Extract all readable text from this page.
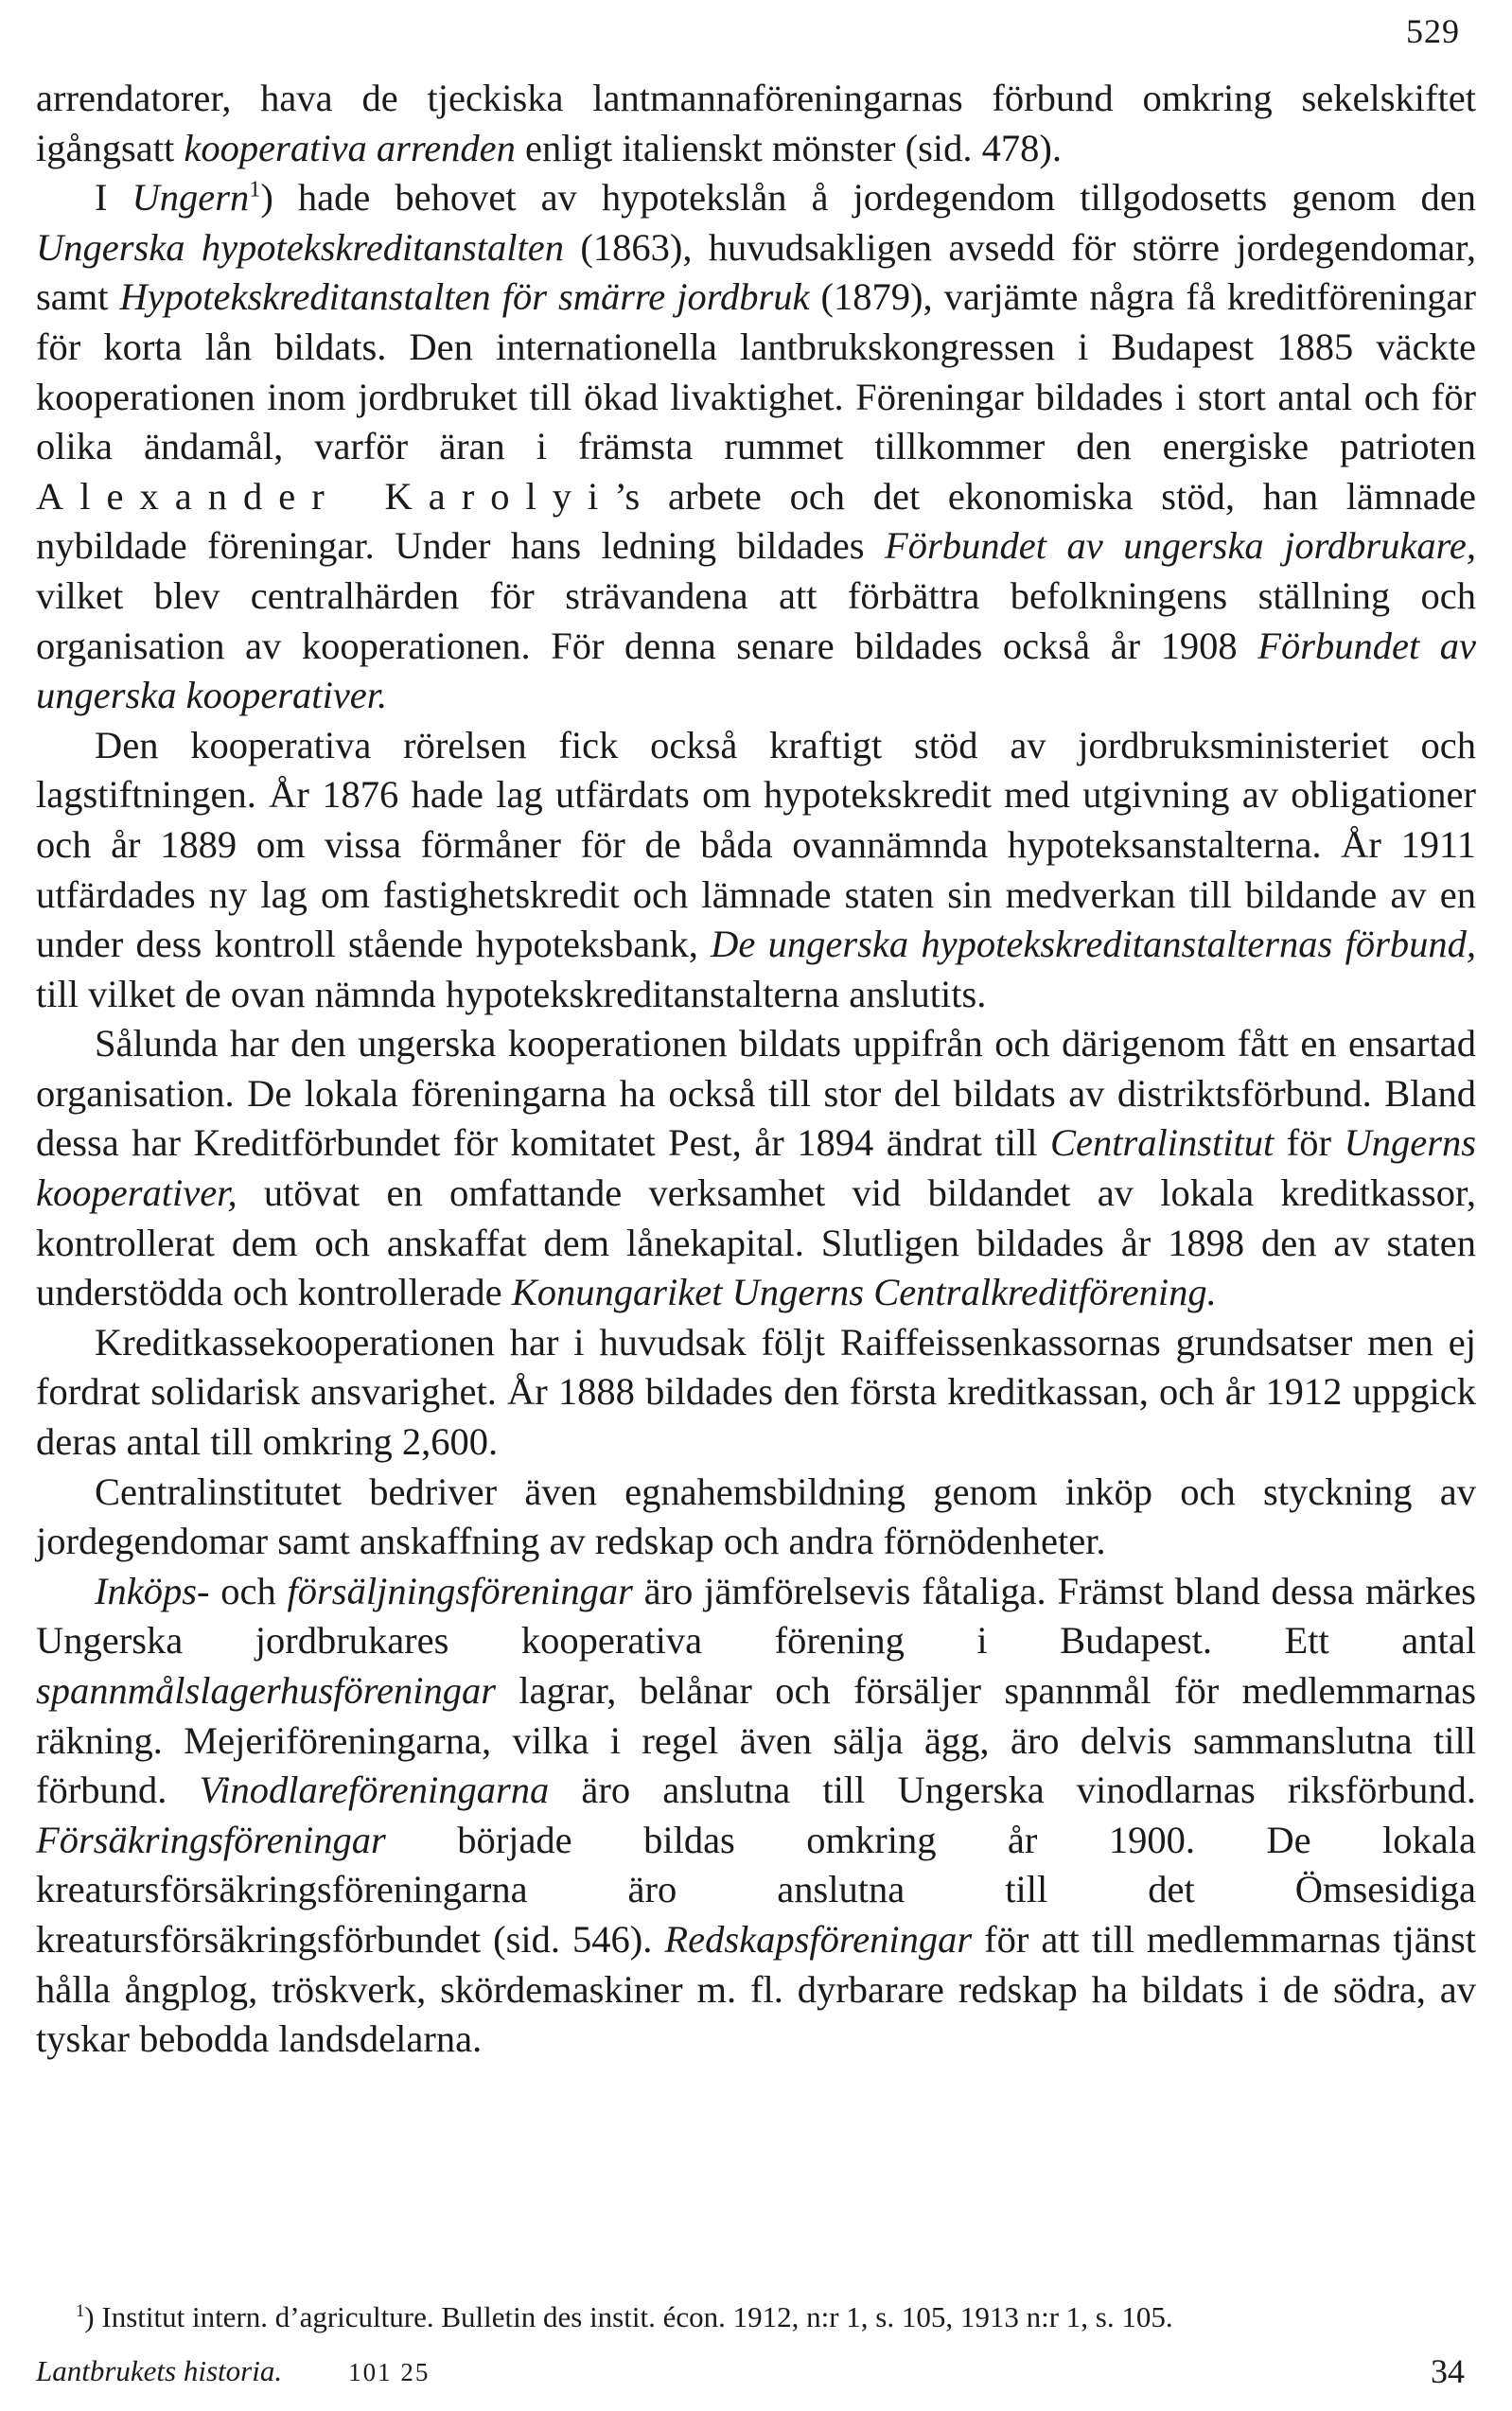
529

arrendatorer, hava de tjeckiska lantmannaföreningarnas förbund omkring sekelskiftet igångsatt kooperativa arrenden enligt italienskt mönster (sid. 478).

I Ungern$^1$) hade behovet av hypotekslån å jordegendom tillgodosetts genom den Ungerska hypotekskreditanstalten (1863), huvudsakligen avsedd för större jordegendomar, samt Hypotekskreditanstalten för smärre jordbruk (1879), varjämte några få kreditföreningar för korta lån bildats. Den internationella lantbrukskongressen i Budapest 1885 väckte kooperationen inom jordbruket till ökad livaktighet. Föreningar bildades i stort antal och för olika ändamål, varför äran i främsta rummet tillkommer den energiske patrioten Alexander Karolyi’s arbete och det ekonomiska stöd, han lämnade nybildade föreningar. Under hans ledning bildades Förbundet av ungerska jordbrukare, vilket blev centralhärden för strävandena att förbättra befolkningens ställning och organisation av kooperationen. För denna senare bildades också år 1908 Förbundet av ungerska kooperativer.

Den kooperativa rörelsen fick också kraftigt stöd av jordbruksministeriet och lagstiftningen. År 1876 hade lag utfärdats om hypotekskredit med utgivning av obligationer och år 1889 om vissa förmåner för de båda ovannämnda hypoteksanstalterna. År 1911 utfärdades ny lag om fastighetskredit och lämnade staten sin medverkan till bildande av en under dess kontroll stående hypoteksbank, De ungerska hypotekskreditanstalternas förbund, till vilket de ovan nämnda hypotekskreditanstalterna anslutits.

Sålunda har den ungerska kooperationen bildats uppifrån och därigenom fått en ensartad organisation. De lokala föreningarna ha också till stor del bildats av distriktsförbund. Bland dessa har Kreditförbundet för komitatet Pest, år 1894 ändrat till Centralinstitut för Ungerns kooperativer, utövat en omfattande verksamhet vid bildandet av lokala kreditkassor, kontrollerat dem och anskaffat dem lånekapital. Slutligen bildades år 1898 den av staten understödda och kontrollerade Konungariket Ungerns Centralkreditförening.

Kreditkassekooperationen har i huvudsak följt Raiffeissenkassornas grundsatser men ej fordrat solidarisk ansvarighet. År 1888 bildades den första kreditkassan, och år 1912 uppgick deras antal till omkring 2,600.

Centralinstitutet bedriver även egnahemsbildning genom inköp och styckning av jordegendomar samt anskaffning av redskap och andra förnödenheter.

Inköps- och försäljningsföreningar äro jämförelsevis fåtaliga. Främst bland dessa märkes Ungerska jordbrukares kooperativa förening i Budapest. Ett antal spannmålslagerhusföreningar lagrar, belånar och försäljer spannmål för medlemmarnas räkning. Mejeriföreningarna, vilka i regel även sälja ägg, äro delvis sammanslutna till förbund. Vinodlareföreningarna äro anslutna till Ungerska vinodlarnas riksförbund. Försäkringsföreningar började bildas omkring år 1900. De lokala kreatursförsäkringsföreningarna äro anslutna till det Ömsesidiga kreatursförsäkringsförbundet (sid. 546). Redskapsföreningar för att till medlemmarnas tjänst hålla ångplog, tröskverk, skördemaskiner m. fl. dyrbarare redskap ha bildats i de södra, av tyskar bebodda landsdelarna.

$^1$) Institut intern. d’agriculture. Bulletin des instit. écon. 1912, n:r 1, s. 105, 1913 n:r 1, s. 105.
Lantbrukets historia.	101 25	34
